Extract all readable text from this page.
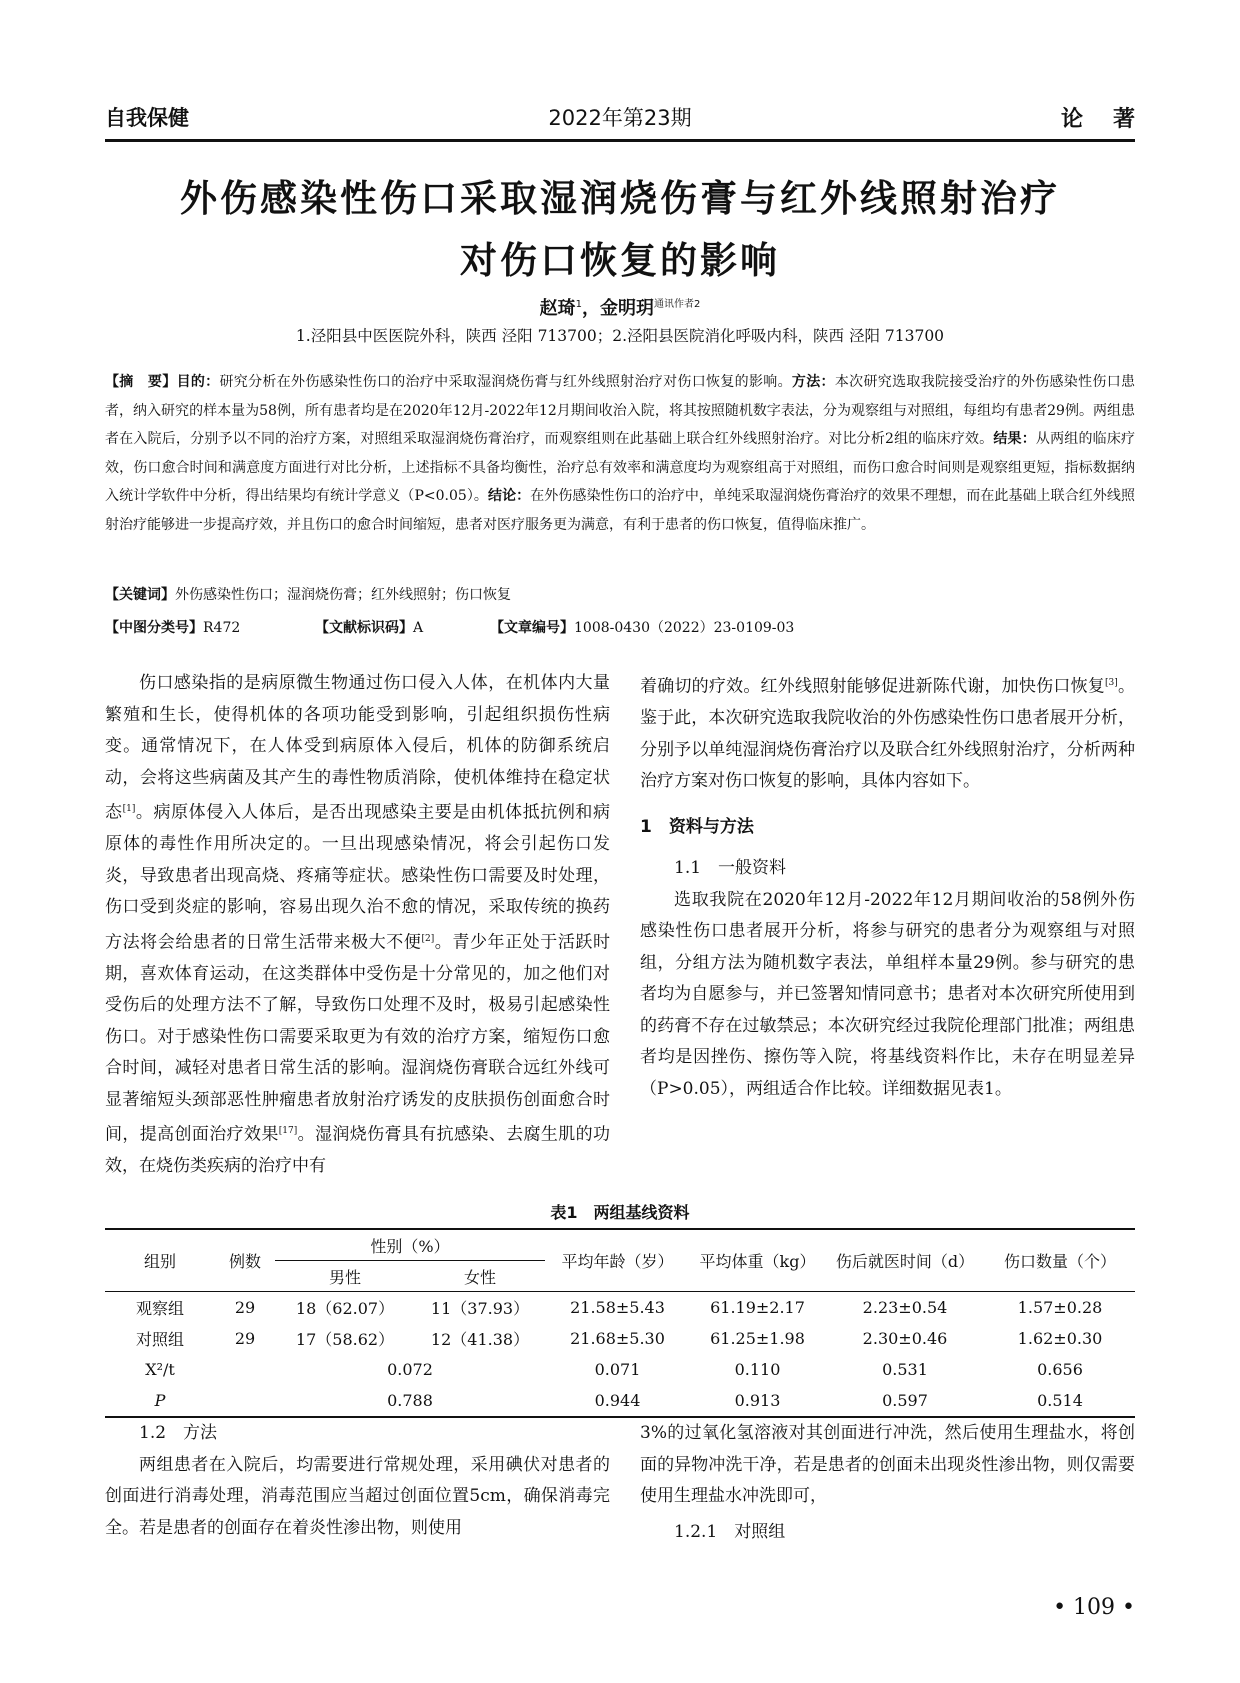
自我保健	2022年第23期	论著
外伤感染性伤口采取湿润烧伤膏与红外线照射治疗
对伤口恢复的影响
赵琦$^1$，金明玥$^{通讯作者2}$
1.泾阳县中医医院外科，陕西 泾阳 713700；2.泾阳县医院消化呼吸内科，陕西 泾阳 713700
【摘　要】目的：研究分析在外伤感染性伤口的治疗中采取湿润烧伤膏与红外线照射治疗对伤口恢复的影响。方法：本次研究选取我院接受治疗的外伤感染性伤口患者，纳入研究的样本量为58例，所有患者均是在2020年12月-2022年12月期间收治入院，将其按照随机数字表法，分为观察组与对照组，每组均有患者29例。两组患者在入院后，分别予以不同的治疗方案，对照组采取湿润烧伤膏治疗，而观察组则在此基础上联合红外线照射治疗。对比分析2组的临床疗效。结果：从两组的临床疗效，伤口愈合时间和满意度方面进行对比分析，上述指标不具备均衡性，治疗总有效率和满意度均为观察组高于对照组，而伤口愈合时间则是观察组更短，指标数据纳入统计学软件中分析，得出结果均有统计学意义（P<0.05）。结论：在外伤感染性伤口的治疗中，单纯采取湿润烧伤膏治疗的效果不理想，而在此基础上联合红外线照射治疗能够进一步提高疗效，并且伤口的愈合时间缩短，患者对医疗服务更为满意，有利于患者的伤口恢复，值得临床推广。
【关键词】外伤感染性伤口；湿润烧伤膏；红外线照射；伤口恢复
【中图分类号】R472	【文献标识码】A	【文章编号】1008-0430（2022）23-0109-03

伤口感染指的是病原微生物通过伤口侵入人体，在机体内大量繁殖和生长，使得机体的各项功能受到影响，引起组织损伤性病变。通常情况下，在人体受到病原体入侵后，机体的防御系统启动，会将这些病菌及其产生的毒性物质消除，使机体维持在稳定状态[1]。病原体侵入人体后，是否出现感染主要是由机体抵抗例和病原体的毒性作用所决定的。一旦出现感染情况，将会引起伤口发炎，导致患者出现高烧、疼痛等症状。感染性伤口需要及时处理，伤口受到炎症的影响，容易出现久治不愈的情况，采取传统的换药方法将会给患者的日常生活带来极大不便[2]。青少年正处于活跃时期，喜欢体育运动，在这类群体中受伤是十分常见的，加之他们对受伤后的处理方法不了解，导致伤口处理不及时，极易引起感染性伤口。对于感染性伤口需要采取更为有效的治疗方案，缩短伤口愈合时间，减轻对患者日常生活的影响。湿润烧伤膏联合远红外线可显著缩短头颈部恶性肿瘤患者放射治疗诱发的皮肤损伤创面愈合时间，提高创面治疗效果[17]。湿润烧伤膏具有抗感染、去腐生肌的功效，在烧伤类疾病的治疗中有

着确切的疗效。红外线照射能够促进新陈代谢，加快伤口恢复[3]。鉴于此，本次研究选取我院收治的外伤感染性伤口患者展开分析，分别予以单纯湿润烧伤膏治疗以及联合红外线照射治疗，分析两种治疗方案对伤口恢复的影响，具体内容如下。

1　资料与方法

1.1　一般资料

选取我院在2020年12月-2022年12月期间收治的58例外伤感染性伤口患者展开分析，将参与研究的患者分为观察组与对照组，分组方法为随机数字表法，单组样本量29例。参与研究的患者均为自愿参与，并已签署知情同意书；患者对本次研究所使用到的药膏不存在过敏禁忌；本次研究经过我院伦理部门批准；两组患者均是因挫伤、擦伤等入院，将基线资料作比，未存在明显差异（P>0.05），两组适合作比较。详细数据见表1。

表1　两组基线资料
组别	例数	性别（%）		平均年龄（岁）	平均体重（kg）	伤后就医时间（d）	伤口数量（个）
		男性	女性				
观察组	29	18（62.07）	11（37.93）	21.58±5.43	61.19±2.17	2.23±0.54	1.57±0.28
对照组	29	17（58.62）	12（41.38）	21.68±5.30	61.25±1.98	2.30±0.46	1.62±0.30
X²/t		0.072		0.071	0.110	0.531	0.656
P		0.788		0.944	0.913	0.597	0.514

1.2　方法

两组患者在入院后，均需要进行常规处理，采用碘伏对患者的创面进行消毒处理，消毒范围应当超过创面位置5cm，确保消毒完全。若是患者的创面存在着炎性渗出物，则使用

3%的过氧化氢溶液对其创面进行冲洗，然后使用生理盐水，将创面的异物冲洗干净，若是患者的创面未出现炎性渗出物，则仅需要使用生理盐水冲洗即可，

1.2.1　对照组

• 109 •
